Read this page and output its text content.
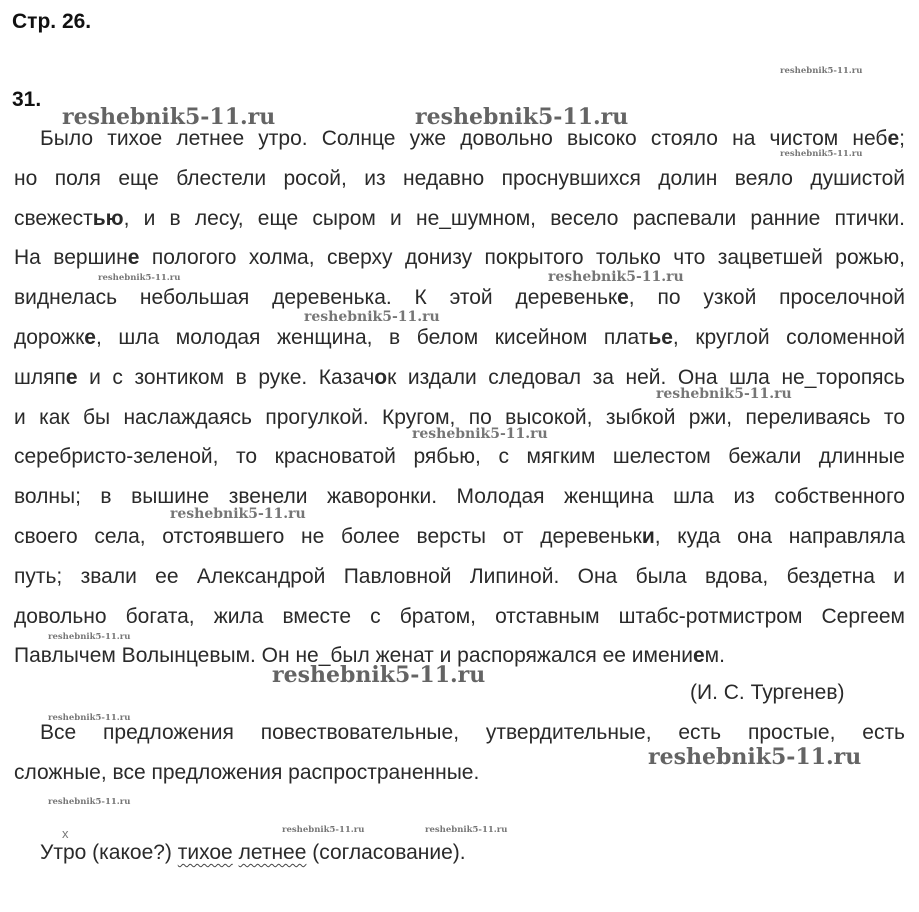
Стр. 26.
31.
Было тихое летнее утро. Солнце уже довольно высоко стояло на чистом небе;
но поля еще блестели росой, из недавно проснувшихся долин веяло душистой
свежестью, и в лесу, еще сыром и не_шумном, весело распевали ранние птички.
На вершине пологого холма, сверху донизу покрытого только что зацветшей рожью,
виднелась небольшая деревенька. К этой деревеньке, по узкой проселочной
дорожке, шла молодая женщина, в белом кисейном платье, круглой соломенной
шляпе и с зонтиком в руке. Казачок издали следовал за ней. Она шла не_торопясь
и как бы наслаждаясь прогулкой. Кругом, по высокой, зыбкой ржи, переливаясь то
серебристо-зеленой, то красноватой рябью, с мягким шелестом бежали длинные
волны; в вышине звенели жаворонки. Молодая женщина шла из собственного
своего села, отстоявшего не более версты от деревеньки, куда она направляла
путь; звали ее Александрой Павловной Липиной. Она была вдова, бездетна и
довольно богата, жила вместе с братом, отставным штабс-ротмистром Сергеем
Павлычем Волынцевым. Он не_был женат и распоряжался ее имением.
(И. С. Тургенев)
Все предложения повествовательные, утвердительные, есть простые, есть
сложные, все предложения распространенные.
x
Утро (какое?) тихое летнее (согласование).
reshebnik5-11.ru	reshebnik5-11.ru
reshebnik5-11.ru
reshebnik5-11.ru
reshebnik5-11.ru
reshebnik5-11.ru
reshebnik5-11.ru
reshebnik5-11.ru
reshebnik5-11.ru
reshebnik5-11.ru
reshebnik5-11.ru
reshebnik5-11.ru
reshebnik5-11.ru
reshebnik5-11.ru
reshebnik5-11.ru
reshebnik5-11.ru	reshebnik5-11.ru
